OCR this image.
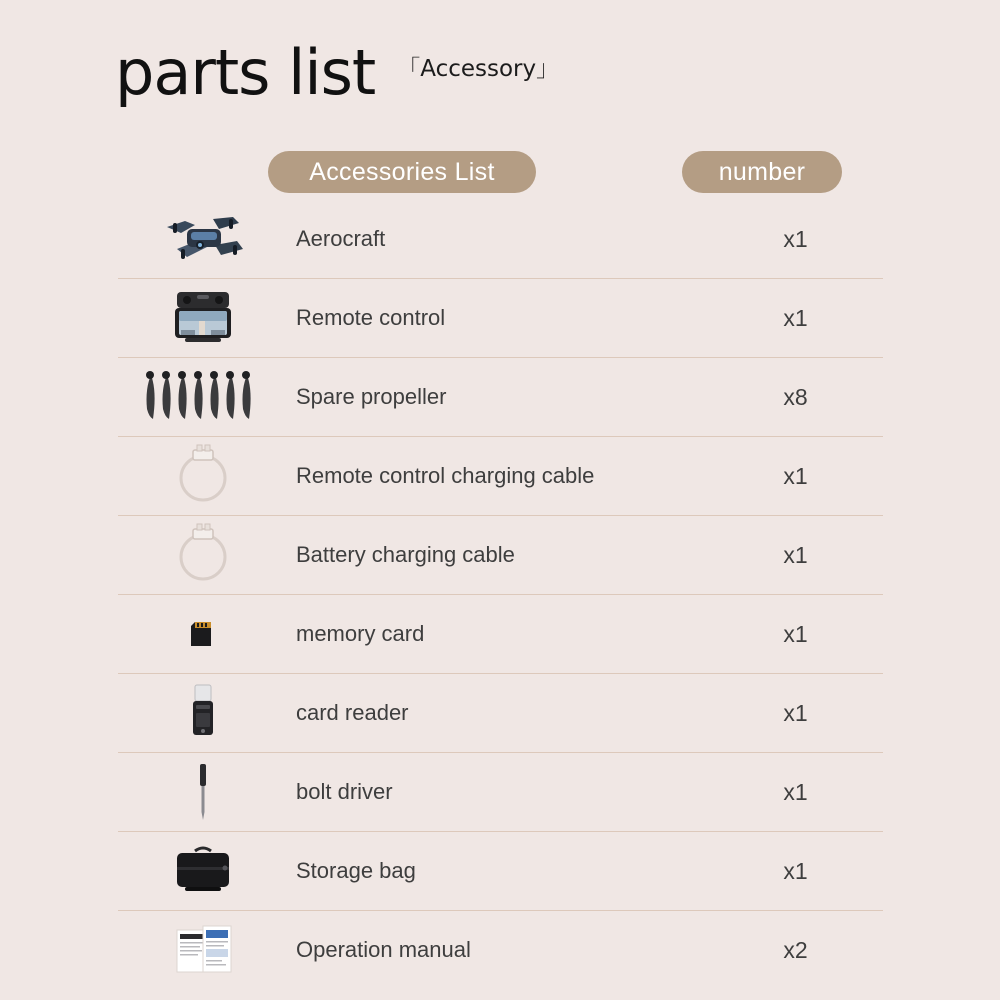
parts list 「Accessory」
Accessories List	number
Aerocraft	x1
Remote control	x1
Spare propeller	x8
Remote control charging cable	x1
Battery charging cable	x1
memory card	x1
card reader	x1
bolt driver	x1
Storage bag	x1
Operation manual	x2
